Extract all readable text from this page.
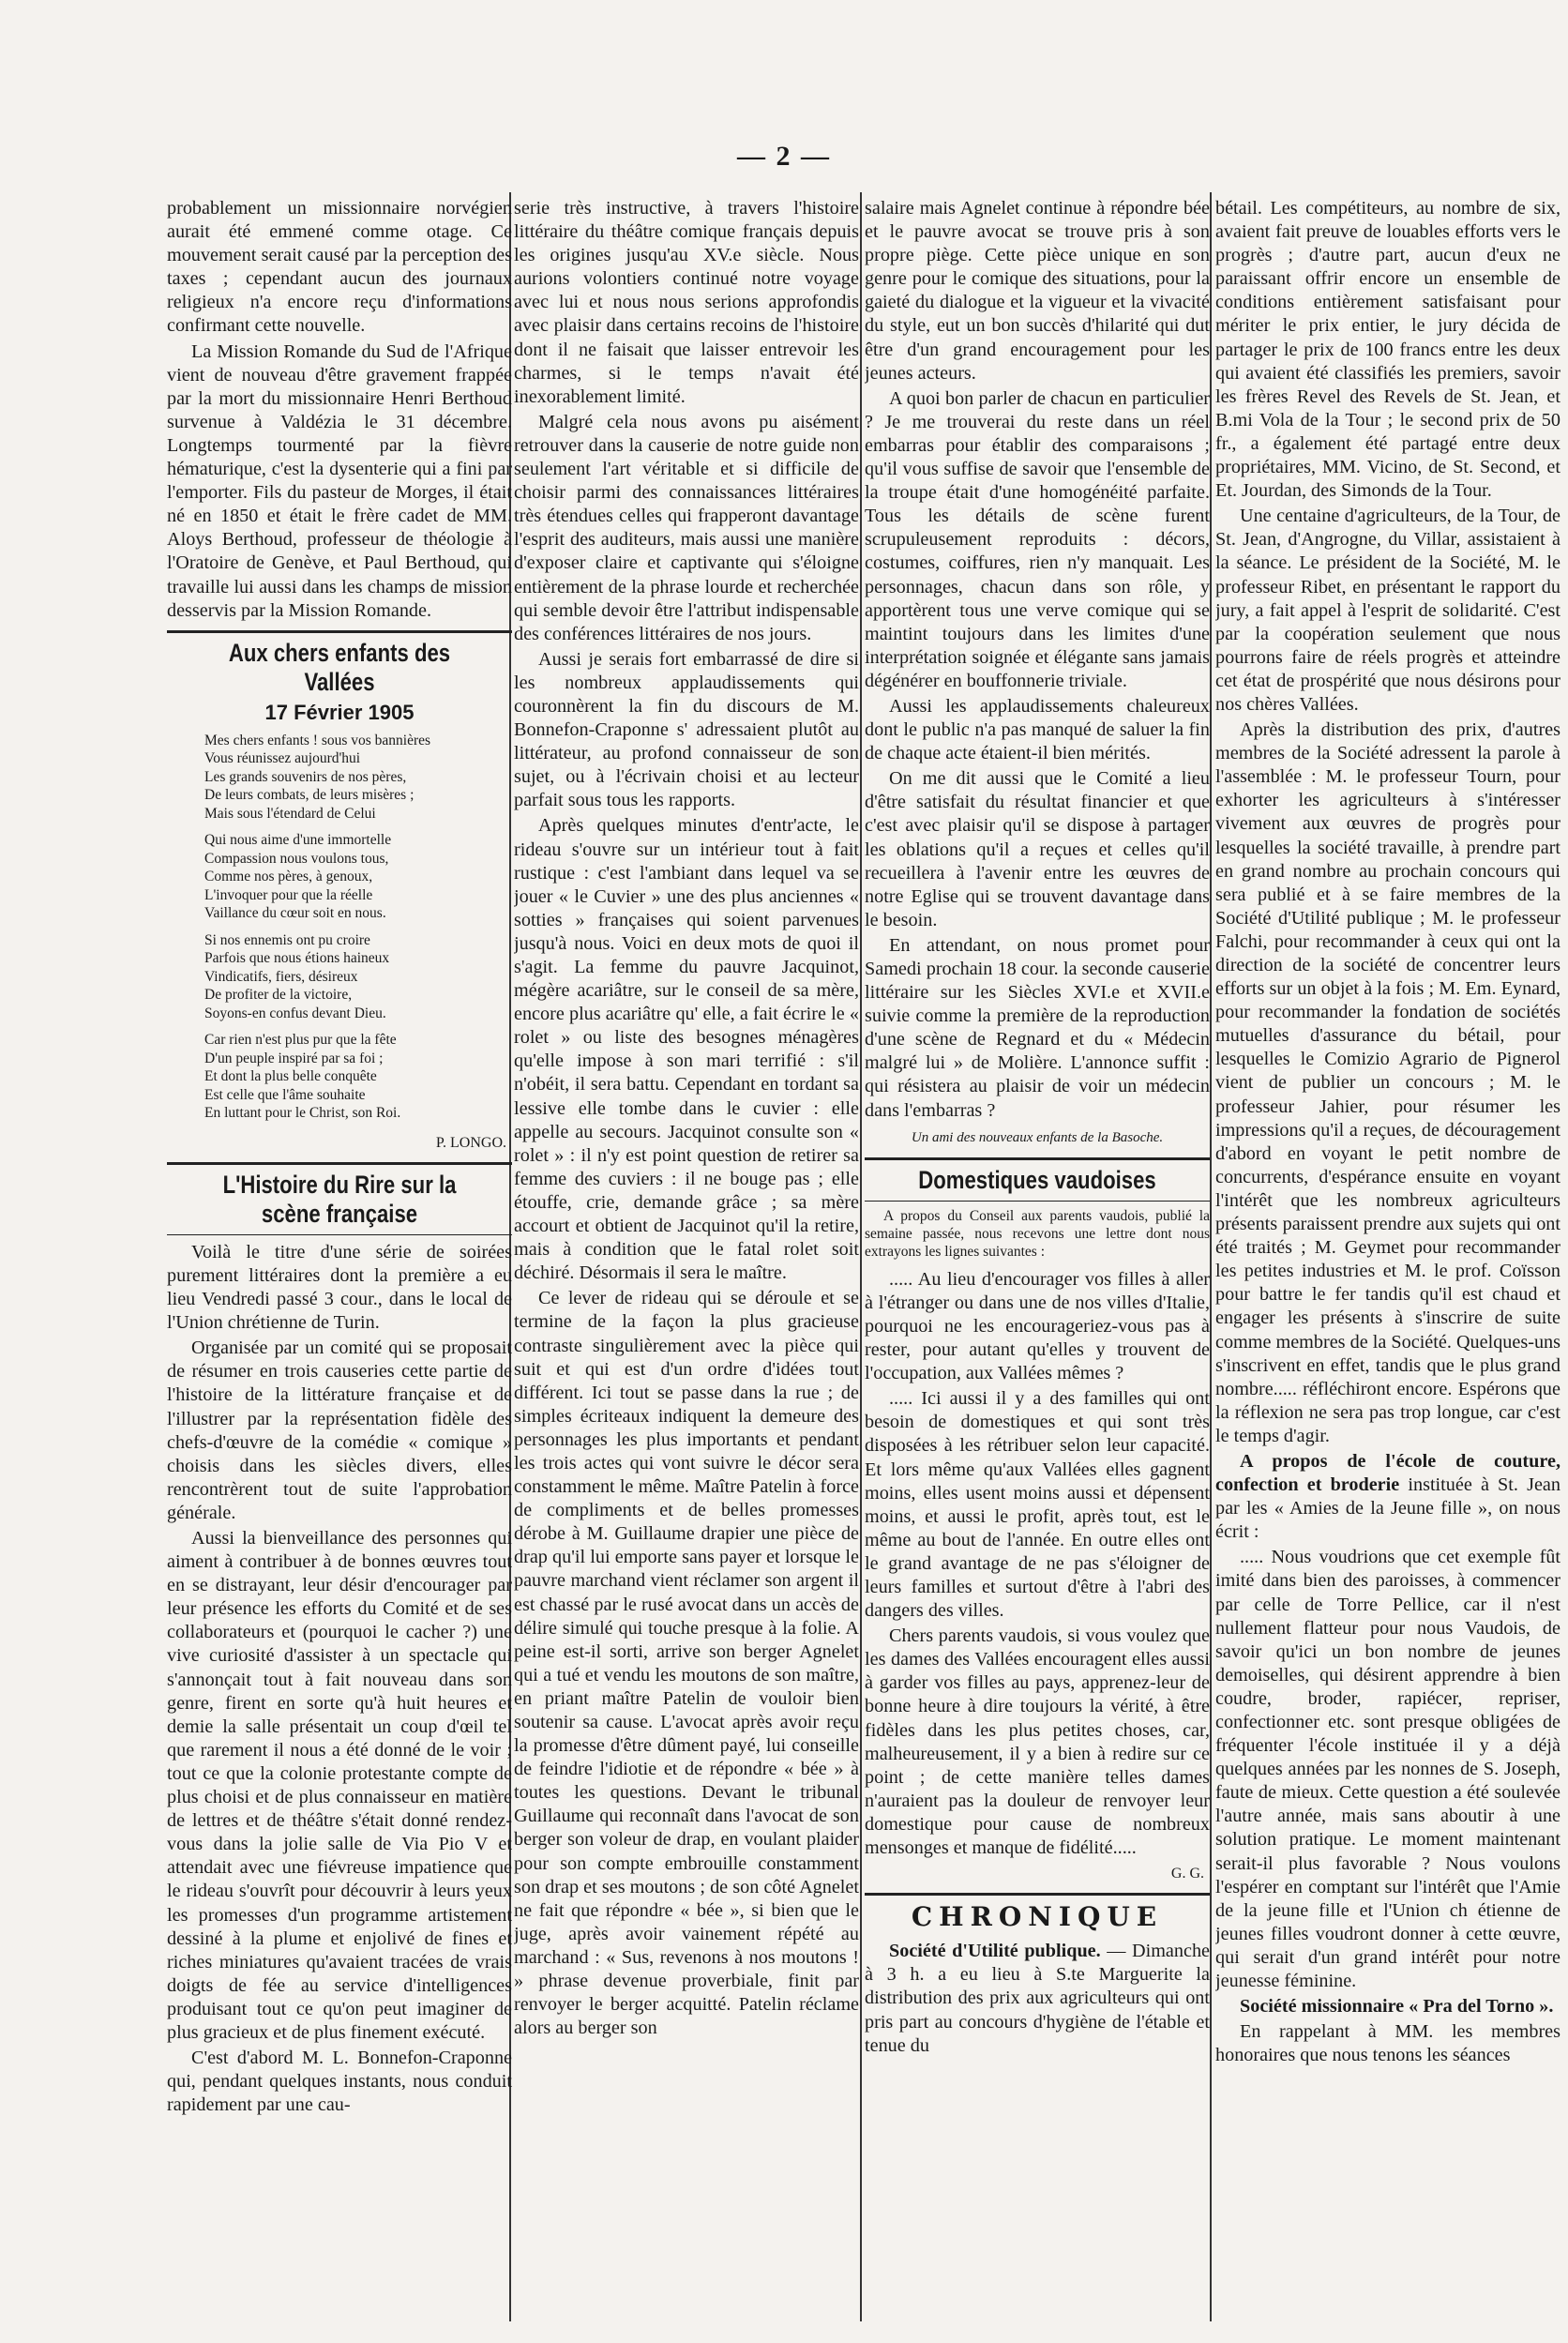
— 2 —

probablement un missionnaire norvégien aurait été emmené comme otage. Ce mouvement serait causé par la perception des taxes ; cependant aucun des journaux religieux n'a encore reçu d'informations confirmant cette nouvelle.

La Mission Romande du Sud de l'Afrique vient de nouveau d'être gravement frappée par la mort du missionnaire Henri Berthoud survenue à Valdézia le 31 décembre. Longtemps tourmenté par la fièvre hématurique, c'est la dysenterie qui a fini par l'emporter. Fils du pasteur de Morges, il était né en 1850 et était le frère cadet de MM. Aloys Berthoud, professeur de théologie à l'Oratoire de Genève, et Paul Berthoud, qui travaille lui aussi dans les champs de mission desservis par la Mission Romande.

Aux chers enfants des Vallées
17 Février 1905
Mes chers enfants ! sous vos bannières
Vous réunissez aujourd'hui
Les grands souvenirs de nos pères,
De leurs combats, de leurs misères ;
Mais sous l'étendard de Celui
Qui nous aime d'une immortelle
Compassion nous voulons tous,
Comme nos pères, à genoux,
L'invoquer pour que la réelle
Vaillance du cœur soit en nous.
Si nos ennemis ont pu croire
Parfois que nous étions haineux
Vindicatifs, fiers, désireux
De profiter de la victoire,
Soyons-en confus devant Dieu.
Car rien n'est plus pur que la fête
D'un peuple inspiré par sa foi ;
Et dont la plus belle conquête
Est celle que l'âme souhaite
En luttant pour le Christ, son Roi.
P. LONGO.
L'Histoire du Rire sur la scène française

Voilà le titre d'une série de soirées purement littéraires dont la première a eu lieu Vendredi passé 3 cour., dans le local de l'Union chrétienne de Turin.

Organisée par un comité qui se proposait de résumer en trois causeries cette partie de l'histoire de la littérature française et de l'illustrer par la représentation fidèle des chefs-d'œuvre de la comédie « comique » choisis dans les siècles divers, elles rencontrèrent tout de suite l'approbation générale.

Aussi la bienveillance des personnes qui aiment à contribuer à de bonnes œuvres tout en se distrayant, leur désir d'encourager par leur présence les efforts du Comité et de ses collaborateurs et (pourquoi le cacher ?) une vive curiosité d'assister à un spectacle qui s'annonçait tout à fait nouveau dans son genre, firent en sorte qu'à huit heures et demie la salle présentait un coup d'œil tel que rarement il nous a été donné de le voir ; tout ce que la colonie protestante compte de plus choisi et de plus connaisseur en matière de lettres et de théâtre s'était donné rendez-vous dans la jolie salle de Via Pio V et attendait avec une fiévreuse impatience que le rideau s'ouvrît pour découvrir à leurs yeux les promesses d'un programme artistement dessiné à la plume et enjolivé de fines et riches miniatures qu'avaient tracées de vrais doigts de fée au service d'intelligences produisant tout ce qu'on peut imaginer de plus gracieux et de plus finement exécuté.

C'est d'abord M. L. Bonnefon-Craponne qui, pendant quelques instants, nous conduit rapidement par une cau-

serie très instructive, à travers l'histoire littéraire du théâtre comique français depuis les origines jusqu'au XV.e siècle. Nous aurions volontiers continué notre voyage avec lui et nous nous serions approfondis avec plaisir dans certains recoins de l'histoire dont il ne faisait que laisser entrevoir les charmes, si le temps n'avait été inexorablement limité.

Malgré cela nous avons pu aisément retrouver dans la causerie de notre guide non seulement l'art véritable et si difficile de choisir parmi des connaissances littéraires très étendues celles qui frapperont davantage l'esprit des auditeurs, mais aussi une manière d'exposer claire et captivante qui s'éloigne entièrement de la phrase lourde et recherchée qui semble devoir être l'attribut indispensable des conférences littéraires de nos jours.

Aussi je serais fort embarrassé de dire si les nombreux applaudissements qui couronnèrent la fin du discours de M. Bonnefon-Craponne s' adressaient plutôt au littérateur, au profond connaisseur de son sujet, ou à l'écrivain choisi et au lecteur parfait sous tous les rapports.

Après quelques minutes d'entr'acte, le rideau s'ouvre sur un intérieur tout à fait rustique : c'est l'ambiant dans lequel va se jouer « le Cuvier » une des plus anciennes « sotties » françaises qui soient parvenues jusqu'à nous. Voici en deux mots de quoi il s'agit. La femme du pauvre Jacquinot, mégère acariâtre, sur le conseil de sa mère, encore plus acariâtre qu' elle, a fait écrire le « rolet » ou liste des besognes ménagères qu'elle impose à son mari terrifié : s'il n'obéit, il sera battu. Cependant en tordant sa lessive elle tombe dans le cuvier : elle appelle au secours. Jacquinot consulte son « rolet » : il n'y est point question de retirer sa femme des cuviers : il ne bouge pas ; elle étouffe, crie, demande grâce ; sa mère accourt et obtient de Jacquinot qu'il la retire, mais à condition que le fatal rolet soit déchiré. Désormais il sera le maître.

Ce lever de rideau qui se déroule et se termine de la façon la plus gracieuse contraste singulièrement avec la pièce qui suit et qui est d'un ordre d'idées tout différent. Ici tout se passe dans la rue ; de simples écriteaux indiquent la demeure des personnages les plus importants et pendant les trois actes qui vont suivre le décor sera constamment le même. Maître Patelin à force de compliments et de belles promesses dérobe à M. Guillaume drapier une pièce de drap qu'il lui emporte sans payer et lorsque le pauvre marchand vient réclamer son argent il est chassé par le rusé avocat dans un accès de délire simulé qui touche presque à la folie. A peine est-il sorti, arrive son berger Agnelet qui a tué et vendu les moutons de son maître, en priant maître Patelin de vouloir bien soutenir sa cause. L'avocat après avoir reçu la promesse d'être dûment payé, lui conseille de feindre l'idiotie et de répondre « bée » à toutes les questions. Devant le tribunal Guillaume qui reconnaît dans l'avocat de son berger son voleur de drap, en voulant plaider pour son compte embrouille constamment son drap et ses moutons ; de son côté Agnelet ne fait que répondre « bée », si bien que le juge, après avoir vainement répété au marchand : « Sus, revenons à nos moutons ! » phrase devenue proverbiale, finit par renvoyer le berger acquitté. Patelin réclame alors au berger son

salaire mais Agnelet continue à répondre bée et le pauvre avocat se trouve pris à son propre piège. Cette pièce unique en son genre pour le comique des situations, pour la gaieté du dialogue et la vigueur et la vivacité du style, eut un bon succès d'hilarité qui dut être d'un grand encouragement pour les jeunes acteurs.

A quoi bon parler de chacun en particulier ? Je me trouverai du reste dans un réel embarras pour établir des comparaisons ; qu'il vous suffise de savoir que l'ensemble de la troupe était d'une homogénéité parfaite. Tous les détails de scène furent scrupuleusement reproduits : décors, costumes, coiffures, rien n'y manquait. Les personnages, chacun dans son rôle, y apportèrent tous une verve comique qui se maintint toujours dans les limites d'une interprétation soignée et élégante sans jamais dégénérer en bouffonnerie triviale.

Aussi les applaudissements chaleureux dont le public n'a pas manqué de saluer la fin de chaque acte étaient-il bien mérités.

On me dit aussi que le Comité a lieu d'être satisfait du résultat financier et que c'est avec plaisir qu'il se dispose à partager les oblations qu'il a reçues et celles qu'il recueillera à l'avenir entre les œuvres de notre Eglise qui se trouvent davantage dans le besoin.

En attendant, on nous promet pour Samedi prochain 18 cour. la seconde causerie littéraire sur les Siècles XVI.e et XVII.e suivie comme la première de la reproduction d'une scène de Regnard et du « Médecin malgré lui » de Molière. L'annonce suffit : qui résistera au plaisir de voir un médecin dans l'embarras ?

Un ami des nouveaux enfants de la Basoche.
Domestiques vaudoises

A propos du Conseil aux parents vaudois, publié la semaine passée, nous recevons une lettre dont nous extrayons les lignes suivantes :

..... Au lieu d'encourager vos filles à aller à l'étranger ou dans une de nos villes d'Italie, pourquoi ne les encourageriez-vous pas à rester, pour autant qu'elles y trouvent de l'occupation, aux Vallées mêmes ?

..... Ici aussi il y a des familles qui ont besoin de domestiques et qui sont très disposées à les rétribuer selon leur capacité. Et lors même qu'aux Vallées elles gagnent moins, elles usent moins aussi et dépensent moins, et aussi le profit, après tout, est le même au bout de l'année. En outre elles ont le grand avantage de ne pas s'éloigner de leurs familles et surtout d'être à l'abri des dangers des villes.

Chers parents vaudois, si vous voulez que les dames des Vallées encouragent elles aussi à garder vos filles au pays, apprenez-leur de bonne heure à dire toujours la vérité, à être fidèles dans les plus petites choses, car, malheureusement, il y a bien à redire sur ce point ; de cette manière telles dames n'auraient pas la douleur de renvoyer leur domestique pour cause de nombreux mensonges et manque de fidélité.....

G. G.
CHRONIQUE

Société d'Utilité publique. — Dimanche à 3 h. a eu lieu à S.te Marguerite la distribution des prix aux agriculteurs qui ont pris part au concours d'hygiène de l'étable et tenue du

bétail. Les compétiteurs, au nombre de six, avaient fait preuve de louables efforts vers le progrès ; d'autre part, aucun d'eux ne paraissant offrir encore un ensemble de conditions entièrement satisfaisant pour mériter le prix entier, le jury décida de partager le prix de 100 francs entre les deux qui avaient été classifiés les premiers, savoir les frères Revel des Revels de St. Jean, et B.mi Vola de la Tour ; le second prix de 50 fr., a également été partagé entre deux propriétaires, MM. Vicino, de St. Second, et Et. Jourdan, des Simonds de la Tour.

Une centaine d'agriculteurs, de la Tour, de St. Jean, d'Angrogne, du Villar, assistaient à la séance. Le président de la Société, M. le professeur Ribet, en présentant le rapport du jury, a fait appel à l'esprit de solidarité. C'est par la coopération seulement que nous pourrons faire de réels progrès et atteindre cet état de prospérité que nous désirons pour nos chères Vallées.

Après la distribution des prix, d'autres membres de la Société adressent la parole à l'assemblée : M. le professeur Tourn, pour exhorter les agriculteurs à s'intéresser vivement aux œuvres de progrès pour lesquelles la société travaille, à prendre part en grand nombre au prochain concours qui sera publié et à se faire membres de la Société d'Utilité publique ; M. le professeur Falchi, pour recommander à ceux qui ont la direction de la société de concentrer leurs efforts sur un objet à la fois ; M. Em. Eynard, pour recommander la fondation de sociétés mutuelles d'assurance du bétail, pour lesquelles le Comizio Agrario de Pignerol vient de publier un concours ; M. le professeur Jahier, pour résumer les impressions qu'il a reçues, de découragement d'abord en voyant le petit nombre de concurrents, d'espérance ensuite en voyant l'intérêt que les nombreux agriculteurs présents paraissent prendre aux sujets qui ont été traités ; M. Geymet pour recommander les petites industries et M. le prof. Coïsson pour battre le fer tandis qu'il est chaud et engager les présents à s'inscrire de suite comme membres de la Société. Quelques-uns s'inscrivent en effet, tandis que le plus grand nombre..... réfléchiront encore. Espérons que la réflexion ne sera pas trop longue, car c'est le temps d'agir.

A propos de l'école de couture, confection et broderie instituée à St. Jean par les « Amies de la Jeune fille », on nous écrit :

..... Nous voudrions que cet exemple fût imité dans bien des paroisses, à commencer par celle de Torre Pellice, car il n'est nullement flatteur pour nous Vaudois, de savoir qu'ici un bon nombre de jeunes demoiselles, qui désirent apprendre à bien coudre, broder, rapiécer, repriser, confectionner etc. sont presque obligées de fréquenter l'école instituée il y a déjà quelques années par les nonnes de S. Joseph, faute de mieux. Cette question a été soulevée l'autre année, mais sans aboutir à une solution pratique. Le moment maintenant serait-il plus favorable ? Nous voulons l'espérer en comptant sur l'intérêt que l'Amie de la jeune fille et l'Union ch étienne de jeunes filles voudront donner à cette œuvre, qui serait d'un grand intérêt pour notre jeunesse féminine.

Société missionnaire « Pra del Torno ».

En rappelant à MM. les membres honoraires que nous tenons les séances
